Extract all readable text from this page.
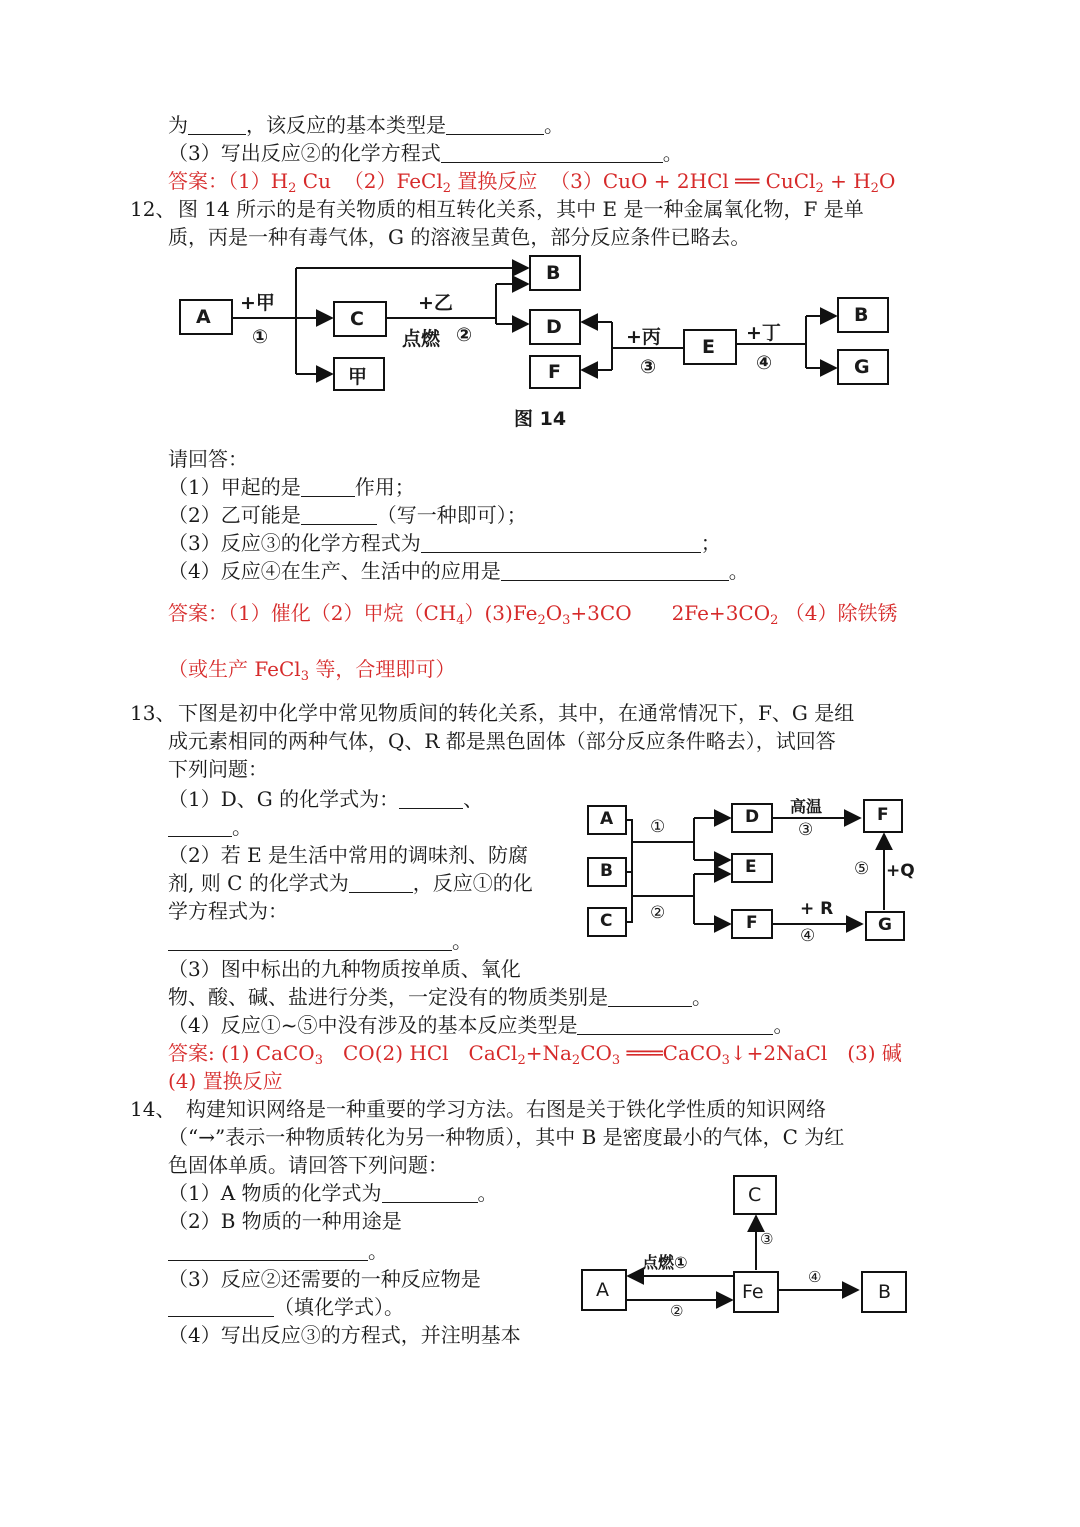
为	，该反应的基本类型是	。
（3）写出反应②的化学方程式	。
答案：$(1)H_2$ Cu （2）FeCl$_2$ 置换反应 （3）CuO + 2HCl ══ CuCl$_2$ + $H_2O$
12、 图 14 所示的是有关物质的相互转化关系，其中 E 是一种金属氧化物，F 是单
质，丙是一种有毒气体，G 的溶液呈黄色，部分反应条件已略去。
A	C
甲
B
D
F
E
B
G
+甲
①
+乙
点燃 ②	+丙
③
+丁
④
图 14
请回答：
（1）甲起的是	作用；
（2）乙可能是	（写一种即可）；
（3）反应③的化学方程式为	；
（4）反应④在生产、生活中的应用是	。
答案：（1）催化（2）甲烷$(CH_4)(3)Fe_2O_3+3CO$　　$2Fe+3CO_2$ （4）除铁锈
（或生产 FeCl$_3$ 等，合理即可）
13、 下图是初中化学中常见物质间的转化关系，其中，在通常情况下，F、G 是组
成元素相同的两种气体，Q、R 都是黑色固体（部分反应条件略去），试回答
下列问题：
（1）D、G 的化学式为：	、
。
（2）若 E 是生活中常用的调味剂、防腐
剂, 则 C 的化学式为	，反应①的化
学方程式为：
。
（3）图中标出的九种物质按单质、氧化
物、酸、碱、盐进行分类，一定没有的物质类别是	。
（4）反应①~⑤中没有涉及的基本反应类型是	。
答案: (1) CaCO$_3$　CO(2) HCl　$CaCl_2+Na_2CO_3$ ═══CaCO$_3$↓+2NaCl　(3) 碱
(4) 置换反应
A
B
C
D
E
F
F
G
①
②
高温
③
+ R
④
⑤ +Q
14、 构建知识网络是一种重要的学习方法。右图是关于铁化学性质的知识网络
（“→”表示一种物质转化为另一种物质），其中 B 是密度最小的气体，C 为红
色固体单质。请回答下列问题：
（1）A 物质的化学式为	。
（2）B 物质的一种用途是
。
（3）反应②还需要的一种反应物是
（填化学式）。
（4）写出反应③的方程式，并注明基本
C
A	Fe	B
点燃①
②
③
④
